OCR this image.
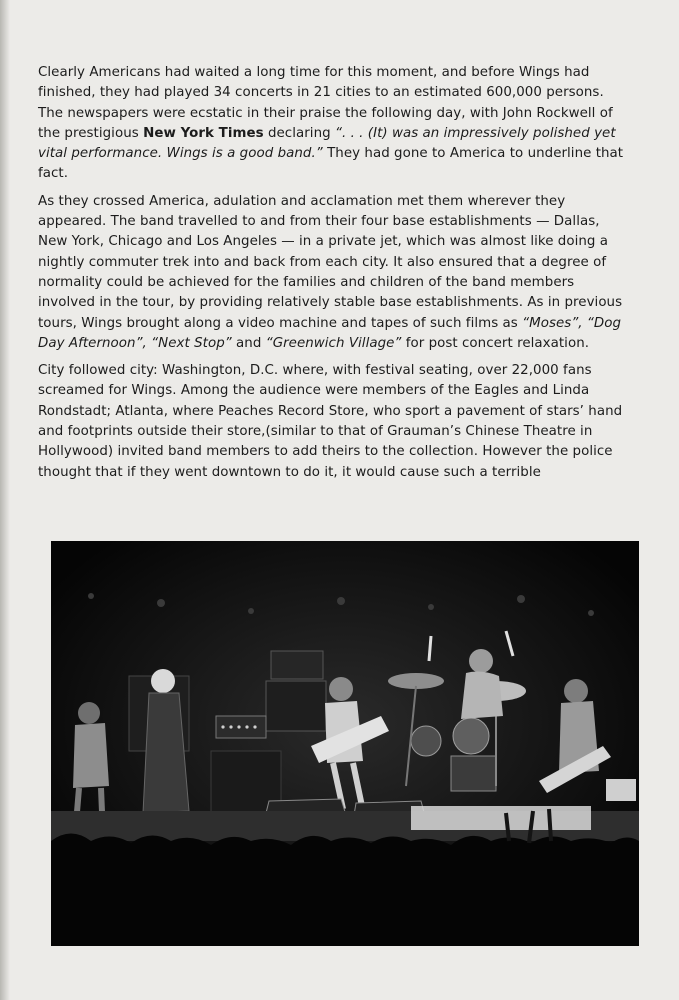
Clearly Americans had waited a long time for this moment, and before Wings had finished, they had played 34 concerts in 21 cities to an estimated 600,000 persons. The newspapers were ecstatic in their praise the following day, with John Rockwell of the prestigious New York Times declaring “. . . (It) was an impressively polished yet vital performance. Wings is a good band.” They had gone to America to underline that fact.

As they crossed America, adulation and acclamation met them wherever they appeared. The band travelled to and from their four base establishments — Dallas, New York, Chicago and Los Angeles — in a private jet, which was almost like doing a nightly commuter trek into and back from each city. It also ensured that a degree of normality could be achieved for the families and children of the band members involved in the tour, by providing relatively stable base establishments. As in previous tours, Wings brought along a video machine and tapes of such films as “Moses”, “Dog Day Afternoon”, “Next Stop” and “Greenwich Village” for post concert relaxation.

City followed city: Washington, D.C. where, with festival seating, over 22,000 fans screamed for Wings. Among the audience were members of the Eagles and Linda Rondstadt; Atlanta, where Peaches Record Store, who sport a pavement of stars’ hand and footprints outside their store,(similar to that of Grauman’s Chinese Theatre in Hollywood) invited band members to add theirs to the collection. However the police thought that if they went downtown to do it, it would cause such a terrible
